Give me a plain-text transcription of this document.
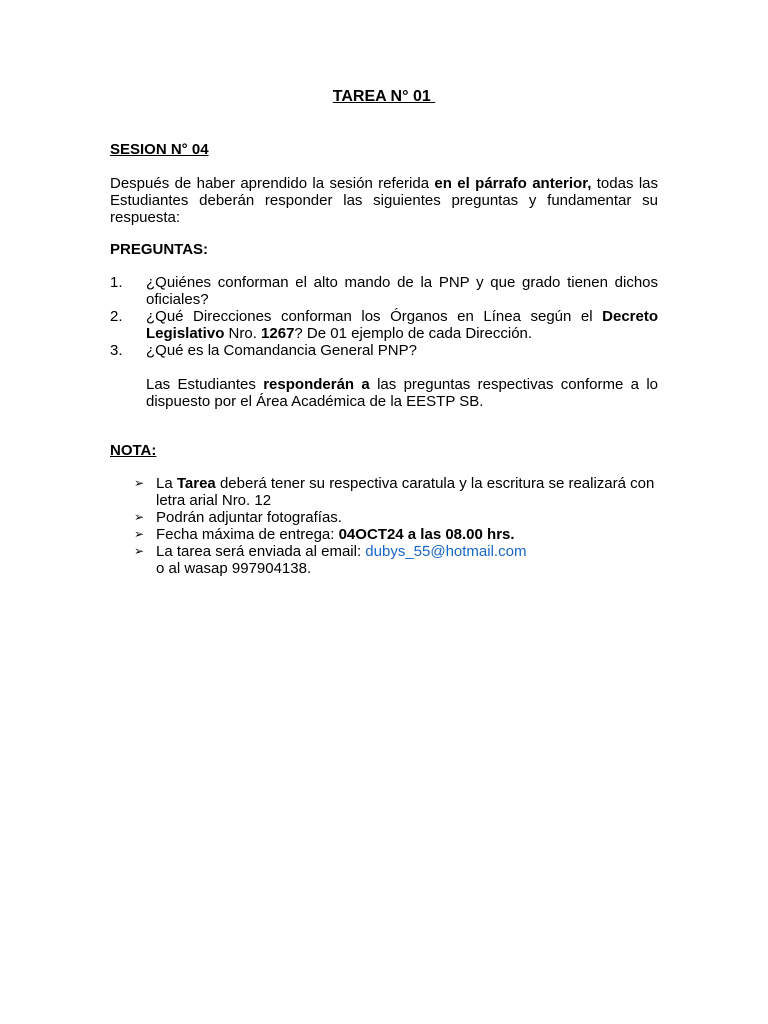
TAREA N° 01
SESION N° 04
Después de haber aprendido la sesión referida en el párrafo anterior, todas las Estudiantes deberán responder las siguientes preguntas y fundamentar su respuesta:
PREGUNTAS:
1. ¿Quiénes conforman el alto mando de la PNP y que grado tienen dichos oficiales?
2. ¿Qué Direcciones conforman los Órganos en Línea según el Decreto Legislativo Nro. 1267? De 01 ejemplo de cada Dirección.
3. ¿Qué es la Comandancia General PNP?
Las Estudiantes responderán a las preguntas respectivas conforme a lo dispuesto por el Área Académica de la EESTP SB.
NOTA:
➢ La Tarea deberá tener su respectiva caratula y la escritura se realizará con letra arial Nro. 12
➢ Podrán adjuntar fotografías.
➢ Fecha máxima de entrega: 04OCT24 a las 08.00 hrs.
➢ La tarea será enviada al email: dubys_55@hotmail.com
o al wasap 997904138.
